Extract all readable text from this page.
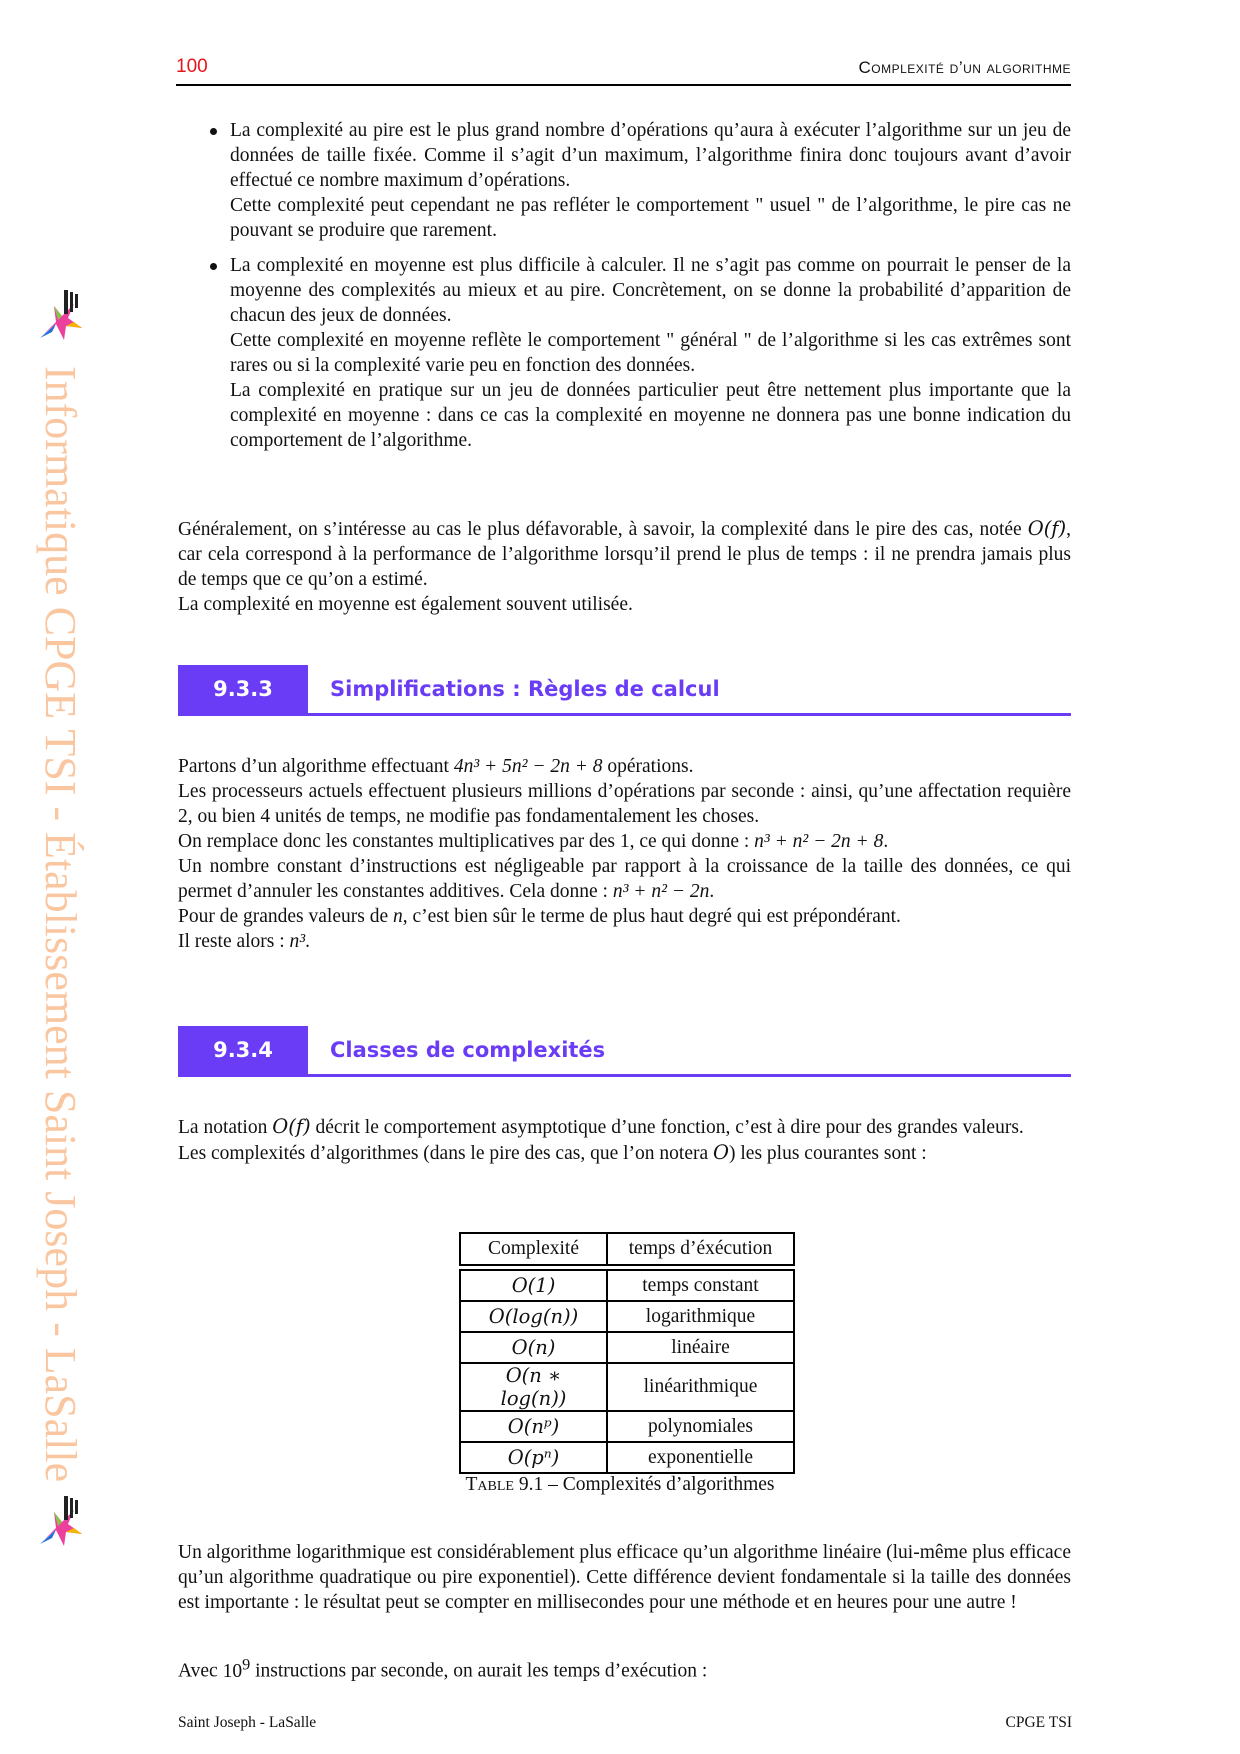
100	Complexité d’un algorithme
Informatique CPGE TSI - Établissement Saint Joseph - LaSalle

La complexité au pire est le plus grand nombre d’opérations qu’aura à exécuter l’algorithme sur un jeu de données de taille fixée. Comme il s’agit d’un maximum, l’algorithme finira donc toujours avant d’avoir effectué ce nombre maximum d’opérations.

Cette complexité peut cependant ne pas refléter le comportement " usuel " de l’algorithme, le pire cas ne pouvant se produire que rarement.

La complexité en moyenne est plus difficile à calculer. Il ne s’agit pas comme on pourrait le penser de la moyenne des complexités au mieux et au pire. Concrètement, on se donne la probabilité d’apparition de chacun des jeux de données.

Cette complexité en moyenne reflète le comportement " général " de l’algorithme si les cas extrêmes sont rares ou si la complexité varie peu en fonction des données.

La complexité en pratique sur un jeu de données particulier peut être nettement plus importante que la complexité en moyenne : dans ce cas la complexité en moyenne ne donnera pas une bonne indication du comportement de l’algorithme.

Généralement, on s’intéresse au cas le plus défavorable, à savoir, la complexité dans le pire des cas, notée O(f), car cela correspond à la performance de l’algorithme lorsqu’il prend le plus de temps : il ne prendra jamais plus de temps que ce qu’on a estimé.

La complexité en moyenne est également souvent utilisée.

9.3.3	Simplifications : Règles de calcul

Partons d’un algorithme effectuant 4n³ + 5n² − 2n + 8 opérations.

Les processeurs actuels effectuent plusieurs millions d’opérations par seconde : ainsi, qu’une affectation requière 2, ou bien 4 unités de temps, ne modifie pas fondamentalement les choses.

On remplace donc les constantes multiplicatives par des 1, ce qui donne : n³ + n² − 2n + 8.

Un nombre constant d’instructions est négligeable par rapport à la croissance de la taille des données, ce qui permet d’annuler les constantes additives. Cela donne : n³ + n² − 2n.

Pour de grandes valeurs de n, c’est bien sûr le terme de plus haut degré qui est prépondérant.

Il reste alors : n³.

9.3.4	Classes de complexités

La notation O(f) décrit le comportement asymptotique d’une fonction, c’est à dire pour des grandes valeurs.

Les complexités d’algorithmes (dans le pire des cas, que l’on notera O) les plus courantes sont :

Complexité	temps d’éxécution

O(1)	temps constant
O(log(n))	logarithmique
O(n)	linéaire
O(n ∗ log(n))	linéarithmique
O(nᵖ)	polynomiales
O(pⁿ)	exponentielle
Table 9.1 – Complexités d’algorithmes

Un algorithme logarithmique est considérablement plus efficace qu’un algorithme linéaire (lui-même plus efficace qu’un algorithme quadratique ou pire exponentiel). Cette différence devient fondamentale si la taille des données est importante : le résultat peut se compter en millisecondes pour une méthode et en heures pour une autre !

Avec $10^9$ instructions par seconde, on aurait les temps d’exécution :

Saint Joseph - LaSalle	CPGE TSI
